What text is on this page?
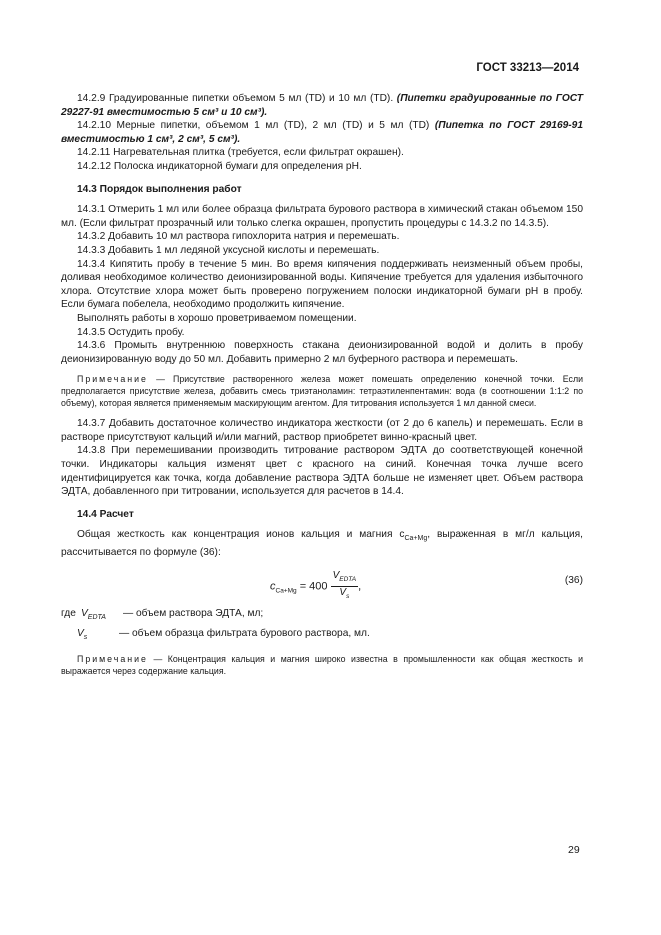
ГОСТ 33213—2014

14.2.9 Градуированные пипетки объемом 5 мл (TD) и 10 мл (TD). (Пипетки градуированные по ГОСТ 29227-91 вместимостью 5 см³ и 10 см³).

14.2.10 Мерные пипетки, объемом 1 мл (TD), 2 мл (TD) и 5 мл (TD) (Пипетка по ГОСТ 29169-91 вместимостью 1 см³, 2 см³, 5 см³).

14.2.11 Нагревательная плитка (требуется, если фильтрат окрашен).

14.2.12 Полоска индикаторной бумаги для определения pH.

14.3 Порядок выполнения работ

14.3.1 Отмерить 1 мл или более образца фильтрата бурового раствора в химический стакан объемом 150 мл. (Если фильтрат прозрачный или только слегка окрашен, пропустить процедуры с 14.3.2 по 14.3.5).

14.3.2 Добавить 10 мл раствора гипохлорита натрия и перемешать.

14.3.3 Добавить 1 мл ледяной уксусной кислоты и перемешать.

14.3.4 Кипятить пробу в течение 5 мин. Во время кипячения поддерживать неизменный объем пробы, доливая необходимое количество деионизированной воды. Кипячение требуется для удаления избыточного хлора. Отсутствие хлора может быть проверено погружением полоски индикаторной бумаги pH в пробу. Если бумага побелела, необходимо продолжить кипячение.

Выполнять работы в хорошо проветриваемом помещении.

14.3.5 Остудить пробу.

14.3.6 Промыть внутреннюю поверхность стакана деионизированной водой и долить в пробу деионизированную воду до 50 мл. Добавить примерно 2 мл буферного раствора и перемешать.

Примечание — Присутствие растворенного железа может помешать определению конечной точки. Если предполагается присутствие железа, добавить смесь триэтаноламин: тетраэтиленпентамин: вода (в соотношении 1:1:2 по объему), которая является применяемым маскирующим агентом. Для титрования используется 1 мл данной смеси.

14.3.7 Добавить достаточное количество индикатора жесткости (от 2 до 6 капель) и перемешать. Если в растворе присутствуют кальций и/или магний, раствор приобретет винно-красный цвет.

14.3.8 При перемешивании производить титрование раствором ЭДТА до соответствующей конечной точки. Индикаторы кальция изменят цвет с красного на синий. Конечная точка лучше всего идентифицируется как точка, когда добавление раствора ЭДТА больше не изменяет цвет. Объем раствора ЭДТА, добавленного при титровании, используется для расчетов в 14.4.

14.4 Расчет

Общая жесткость как концентрация ионов кальция и магния $c_{Ca+Mg}$, выраженная в мг/л кальция, рассчитывается по формуле (36):

$c_{Ca+Mg} = 400 \frac{V_{EDTA}}{V_s}$ ,	(36)
где $V_{EDTA}$	— объем раствора ЭДТА, мл;
$V_s$	— объем образца фильтрата бурового раствора, мл.

Примечание — Концентрация кальция и магния широко известна в промышленности как общая жесткость и выражается через содержание кальция.

29
